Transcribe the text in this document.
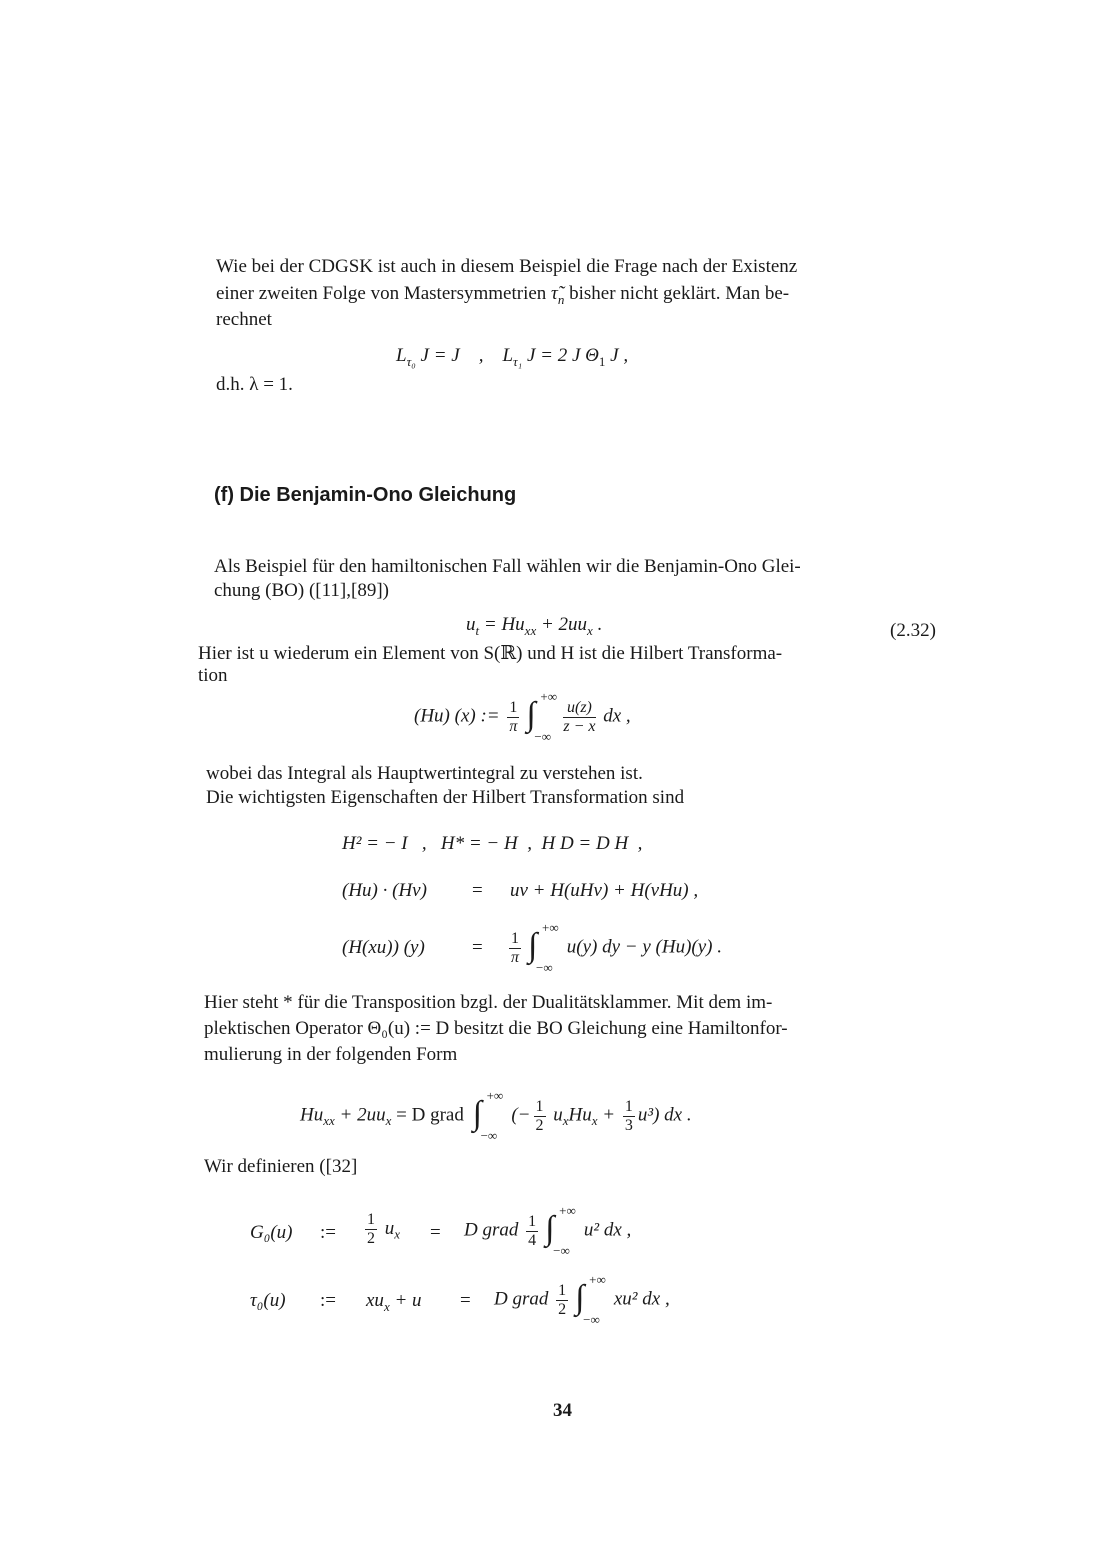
Wie bei der CDGSK ist auch in diesem Beispiel die Frage nach der Existenz
einer zweiten Folge von Mastersymmetrien $\taũ_n$ bisher nicht geklärt. Man be-
rechnet
$L_{\tau_0}$ J = J    ,    $L_{\tau_1}$ J = 2 J $\Theta_1$ J ,
d.h. λ = 1.
(f) Die Benjamin-Ono Gleichung
Als Beispiel für den hamiltonischen Fall wählen wir die Benjamin-Ono Glei-
chung (BO) ([11],[89])
$u_t = Hu_{xx} + 2uu_x$ .	(2.32)
Hier ist u wiederum ein Element von S(ℝ) und H ist die Hilbert Transforma-
tion
(Hu) (x) := $\frac{1}{\pi}$ ∫ +∞
−∞
$\frac{u(z)}{z - x}$ dx ,
wobei das Integral als Hauptwertintegral zu verstehen ist.
Die wichtigsten Eigenschaften der Hilbert Transformation sind
H² = − I   ,   H* = − H  ,  H D = D H  ,
(Hu) · (Hv) = uv + H(uHv) + H(vHu) ,
(H(xu)) $(y) = \frac{1}{\pi}$ ∫ +∞
−∞
u(y) dy − y (Hu)(y) .
Hier steht * für die Transposition bzgl. der Dualitätsklammer. Mit dem im-
plektischen Operator Θ₀(u) := D besitzt die BO Gleichung eine Hamiltonfor-
mulierung in der folgenden Form
$Hu_{xx} + 2uu_x = D$ grad ∫ +∞
−∞
(− $\frac{1}{2} u_xHu_x + \frac{1}{3} u^3$) dx .
Wir definieren ([32]
G₀(u) := $\frac{1}{2} u_x = D$ grad $\frac{1}{4}$ ∫ +∞
−∞
u² dx ,
τ₀(u) := $xu_x + u = D$ grad $\frac{1}{2}$ ∫ +∞
−∞
xu² dx ,
34
